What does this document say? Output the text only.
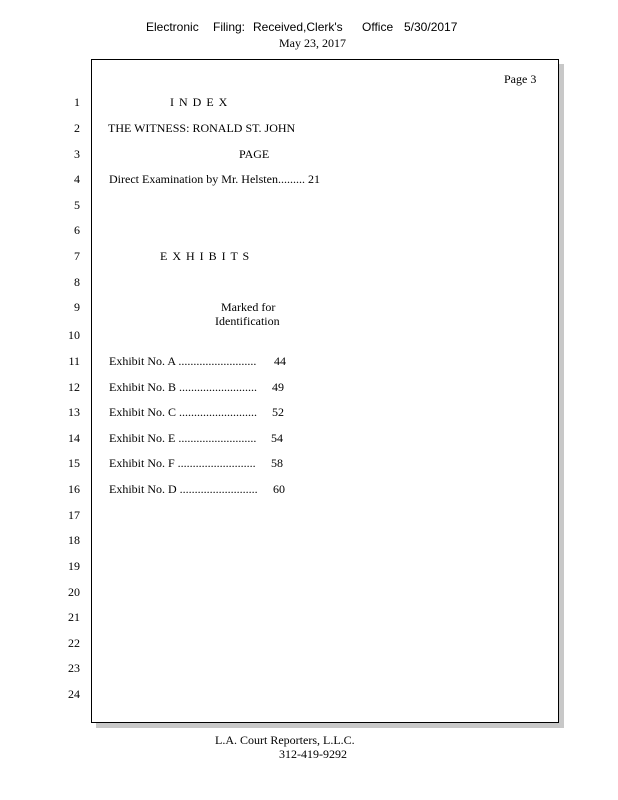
Electronic Filing: Received,Clerk's Office 5/30/2017
May 23, 2017
Page 3
1
2
3
4
5
6
7
8
9
10
11
12
13
14
15
16
17
18
19
20
21
22
23
24
I N D E X
THE WITNESS: RONALD ST. JOHN
PAGE
Direct Examination by Mr. Helsten......... 21
E X H I B I T S
Marked for
Identification
Exhibit No. A .......................... 44
Exhibit No. B .......................... 49
Exhibit No. C .......................... 52
Exhibit No. E .......................... 54
Exhibit No. F .......................... 58
Exhibit No. D .......................... 60
L.A. Court Reporters, L.L.C.
312-419-9292
